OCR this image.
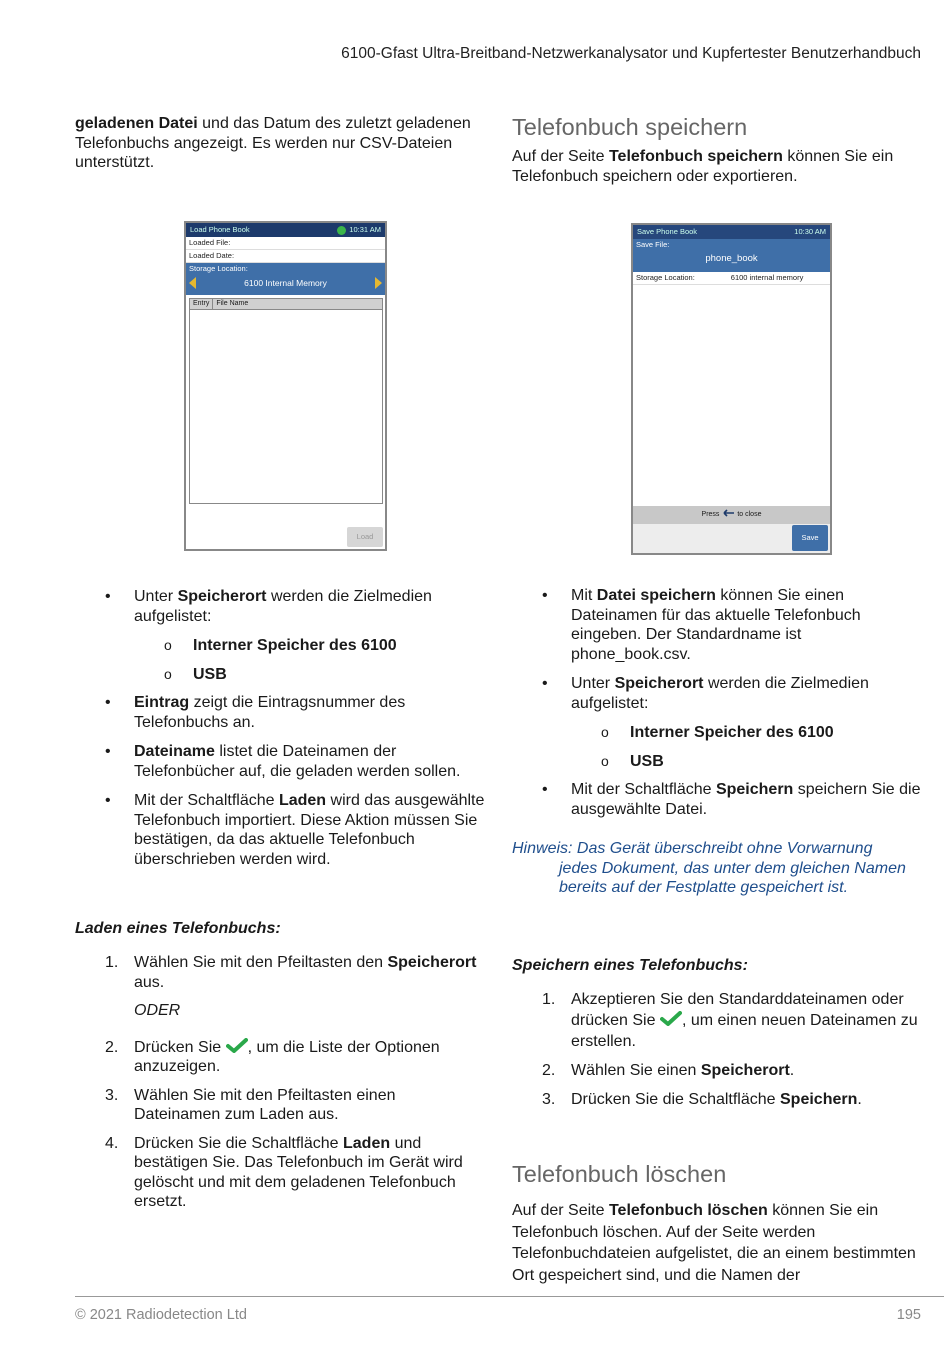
6100-Gfast Ultra-Breitband-Netzwerkanalysator und Kupfertester Benutzerhandbuch

geladenen Datei und das Datum des zuletzt geladenen Telefonbuchs angezeigt. Es werden nur CSV-Dateien unterstützt.

Load Phone Book	10:31 AM
Loaded File:
Loaded Date:
Storage Location:
6100 Internal Memory
Entry	File Name
Load
• Unter Speicherort werden die Zielmedien aufgelistet:
o Interner Speicher des 6100
o USB
• Eintrag zeigt die Eintragsnummer des Telefonbuchs an.
• Dateiname listet die Dateinamen der Telefonbücher auf, die geladen werden sollen.
• Mit der Schaltfläche Laden wird das ausgewählte Telefonbuch importiert. Diese Aktion müssen Sie bestätigen, da das aktuelle Telefonbuch überschrieben werden wird.
Laden eines Telefonbuchs:
1. Wählen Sie mit den Pfeiltasten den Speicherort aus.
ODER
2. Drücken Sie , um die Liste der Optionen anzuzeigen.
3. Wählen Sie mit den Pfeiltasten einen Dateinamen zum Laden aus.
4. Drücken Sie die Schaltfläche Laden und bestätigen Sie. Das Telefonbuch im Gerät wird gelöscht und mit dem geladenen Telefonbuch ersetzt.
Telefonbuch speichern

Auf der Seite Telefonbuch speichern können Sie ein Telefonbuch speichern oder exportieren.

Save Phone Book	10:30 AM
Save File:
phone_book
Storage Location:	6100 internal memory
Press	to close
Save
• Mit Datei speichern können Sie einen Dateinamen für das aktuelle Telefonbuch eingeben. Der Standardname ist phone_book.csv.
• Unter Speicherort werden die Zielmedien aufgelistet:
o Interner Speicher des 6100
o USB
• Mit der Schaltfläche Speichern speichern Sie die ausgewählte Datei.
Hinweis: Das Gerät überschreibt ohne Vorwarnung
jedes Dokument, das unter dem gleichen Namen
bereits auf der Festplatte gespeichert ist.
Speichern eines Telefonbuchs:
1. Akzeptieren Sie den Standarddateinamen oder drücken Sie , um einen neuen Dateinamen zu erstellen.
2. Wählen Sie einen Speicherort.
3. Drücken Sie die Schaltfläche Speichern.
Telefonbuch löschen

Auf der Seite Telefonbuch löschen können Sie ein Telefonbuch löschen. Auf der Seite werden Telefonbuchdateien aufgelistet, die an einem bestimmten Ort gespeichert sind, und die Namen der

© 2021 Radiodetection Ltd	195
